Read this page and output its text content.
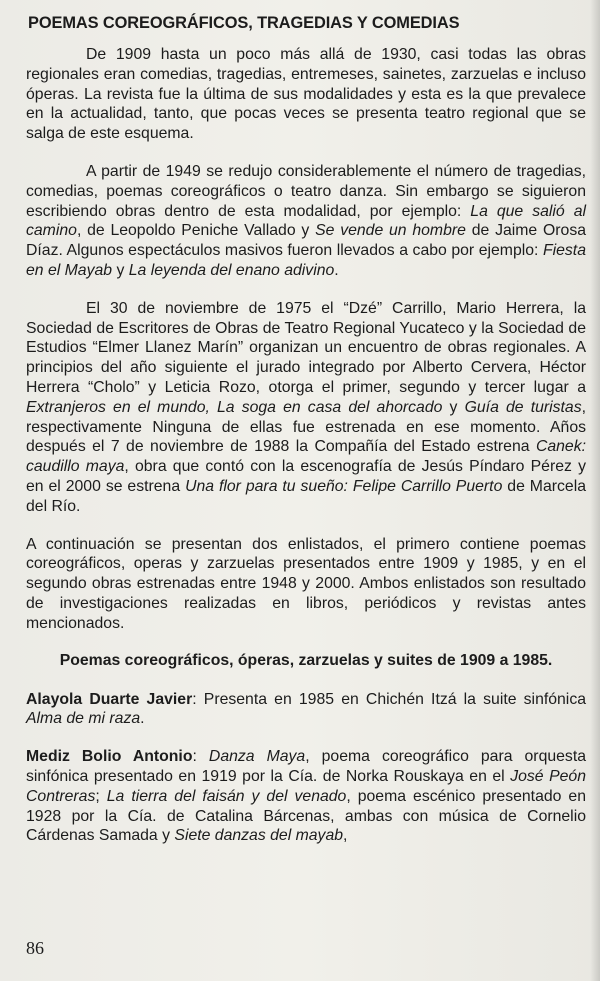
POEMAS COREOGRÁFICOS, TRAGEDIAS Y COMEDIAS

De 1909 hasta un poco más allá de 1930, casi todas las obras regionales eran comedias, tragedias, entremeses, sainetes, zarzuelas e incluso óperas. La revista fue la última de sus modalidades y esta es la que prevalece en la actualidad, tanto, que pocas veces se presenta teatro regional que se salga de este esquema.

A partir de 1949 se redujo considerablemente el número de tragedias, comedias, poemas coreográficos o teatro danza. Sin embargo se siguieron escribiendo obras dentro de esta modalidad, por ejemplo: La que salió al camino, de Leopoldo Peniche Vallado y Se vende un hombre de Jaime Orosa Díaz. Algunos espectáculos masivos fueron llevados a cabo por ejemplo: Fiesta en el Mayab y La leyenda del enano adivino.

El 30 de noviembre de 1975 el “Dzé” Carrillo, Mario Herrera, la Sociedad de Escritores de Obras de Teatro Regional Yucateco y la Sociedad de Estudios “Elmer Llanez Marín” organizan un encuentro de obras regionales. A principios del año siguiente el jurado integrado por Alberto Cervera, Héctor Herrera “Cholo” y Leticia Rozo, otorga el primer, segundo y tercer lugar a Extranjeros en el mundo, La soga en casa del ahorcado y Guía de turistas, respectivamente Ninguna de ellas fue estrenada en ese momento. Años después el 7 de noviembre de 1988 la Compañía del Estado estrena Canek: caudillo maya, obra que contó con la escenografía de Jesús Píndaro Pérez y en el 2000 se estrena Una flor para tu sueño: Felipe Carrillo Puerto de Marcela del Río.

A continuación se presentan dos enlistados, el primero contiene poemas coreográficos, operas y zarzuelas presentados entre 1909 y 1985, y en el segundo obras estrenadas entre 1948 y 2000. Ambos enlistados son resultado de investigaciones realizadas en libros, periódicos y revistas antes mencionados.

Poemas coreográficos, óperas, zarzuelas y suites de 1909 a 1985.

Alayola Duarte Javier: Presenta en 1985 en Chichén Itzá la suite sinfónica Alma de mi raza.

Mediz Bolio Antonio: Danza Maya, poema coreográfico para orquesta sinfónica presentado en 1919 por la Cía. de Norka Rouskaya en el José Peón Contreras; La tierra del faisán y del venado, poema escénico presentado en 1928 por la Cía. de Catalina Bárcenas, ambas con música de Cornelio Cárdenas Samada y Siete danzas del mayab,

86
